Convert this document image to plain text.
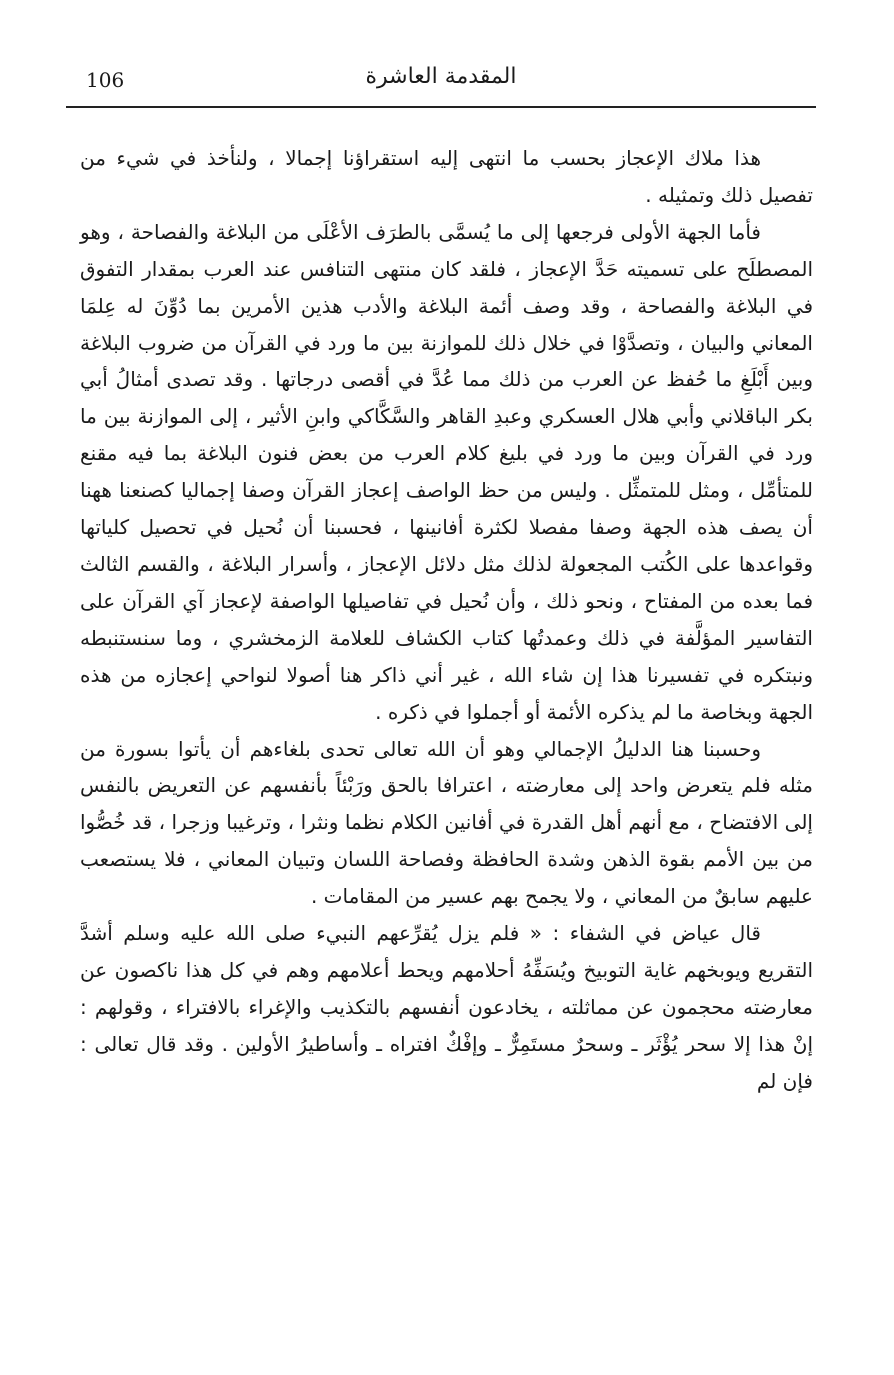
106	المقدمة العاشرة

هذا ملاك الإعجاز بحسب ما انتهى إليه استقراؤنا إجمالا ، ولنأخذ في شيء من تفصيل ذلك وتمثيله .

فأما الجهة الأولى فرجعها إلى ما يُسمَّى بالطرَف الأعْلَى من البلاغة والفصاحة ، وهو المصطلَح على تسميته حَدَّ الإعجاز ، فلقد كان منتهى التنافس عند العرب بمقدار التفوق في البلاغة والفصاحة ، وقد وصف أئمة البلاغة والأدب هذين الأمرين بما دُوِّنَ له عِلمَا المعاني والبيان ، وتصدَّوْا في خلال ذلك للموازنة بين ما ورد في القرآن من ضروب البلاغة وبين أَبْلَغِ ما حُفظ عن العرب من ذلك مما عُدَّ في أقصى درجاتها . وقد تصدى أمثالُ أبي بكر الباقلاني وأبي هلال العسكري وعبدِ القاهر والسَّكَّاكي وابنِ الأثير ، إلى الموازنة بين ما ورد في القرآن وبين ما ورد في بليغ كلام العرب من بعض فنون البلاغة بما فيه مقنع للمتأمِّل ، ومثل للمتمثِّل . وليس من حظ الواصف إعجاز القرآن وصفا إجماليا كصنعنا ههنا أن يصف هذه الجهة وصفا مفصلا لكثرة أفانينها ، فحسبنا أن نُحيل في تحصيل كلياتها وقواعدها على الكُتب المجعولة لذلك مثل دلائل الإعجاز ، وأسرار البلاغة ، والقسم الثالث فما بعده من المفتاح ، ونحو ذلك ، وأن نُحيل في تفاصيلها الواصفة لإعجاز آي القرآن على التفاسير المؤلَّفة في ذلك وعمدتُها كتاب الكشاف للعلامة الزمخشري ، وما سنستنبطه ونبتكره في تفسيرنا هذا إن شاء الله ، غير أني ذاكر هنا أصولا لنواحي إعجازه من هذه الجهة وبخاصة ما لم يذكره الأئمة أو أجملوا في ذكره .

وحسبنا هنا الدليلُ الإجمالي وهو أن الله تعالى تحدى بلغاءهم أن يأتوا بسورة من مثله فلم يتعرض واحد إلى معارضته ، اعترافا بالحق ورَبْئاً بأنفسهم عن التعريض بالنفس إلى الافتضاح ، مع أنهم أهل القدرة في أفانين الكلام نظما ونثرا ، وترغيبا وزجرا ، قد خُصُّوا من بين الأمم بقوة الذهن وشدة الحافظة وفصاحة اللسان وتبيان المعاني ، فلا يستصعب عليهم سابقٌ من المعاني ، ولا يجمح بهم عسير من المقامات .

قال عياض في الشفاء : « فلم يزل يُقرِّعهم النبيء صلى الله عليه وسلم أشدَّ التقريع ويوبخهم غاية التوبيخ ويُسَفِّهُ أحلامهم ويحط أعلامهم وهم في كل هذا ناكصون عن معارضته محجمون عن مماثلته ، يخادعون أنفسهم بالتكذيب والإغراء بالافتراء ، وقولهم : إنْ هذا إلا سحر يُؤْثَر ـ وسحرٌ مستَمِرٌّ ـ وإفْكٌ افتراه ـ وأساطيرُ الأولين . وقد قال تعالى : فإن لم
